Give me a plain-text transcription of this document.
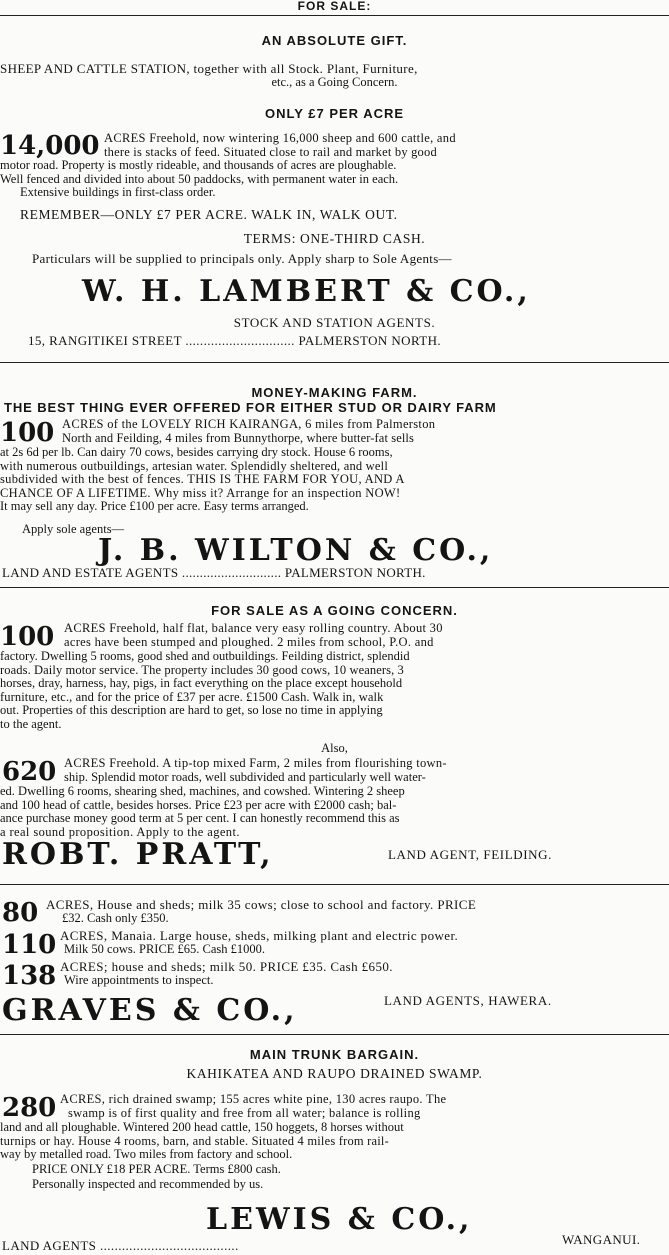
FOR SALE:
AN ABSOLUTE GIFT.
SHEEP AND CATTLE STATION, together with all Stock. Plant, Furniture,
etc., as a Going Concern.
ONLY £7 PER ACRE
14,000 ACRES Freehold, now wintering 16,000 sheep and 600 cattle, and
there is stacks of feed. Situated close to rail and market by good
motor road. Property is mostly rideable, and thousands of acres are ploughable.
Well fenced and divided into about 50 paddocks, with permanent water in each.
Extensive buildings in first-class order.
REMEMBER—ONLY £7 PER ACRE. WALK IN, WALK OUT.
TERMS: ONE-THIRD CASH.
Particulars will be supplied to principals only. Apply sharp to Sole Agents—
W. H. LAMBERT & CO.,
STOCK AND STATION AGENTS.
15, RANGITIKEI STREET .............................. PALMERSTON NORTH.
MONEY-MAKING FARM.
THE BEST THING EVER OFFERED FOR EITHER STUD OR DAIRY FARM
100 ACRES of the LOVELY RICH KAIRANGA, 6 miles from Palmerston
North and Feilding, 4 miles from Bunnythorpe, where butter-fat sells
at 2s 6d per lb. Can dairy 70 cows, besides carrying dry stock. House 6 rooms,
with numerous outbuildings, artesian water. Splendidly sheltered, and well
subdivided with the best of fences. THIS IS THE FARM FOR YOU, AND A
CHANCE OF A LIFETIME. Why miss it? Arrange for an inspection NOW!
It may sell any day. Price £100 per acre. Easy terms arranged.
Apply sole agents—
J. B. WILTON & CO.,
LAND AND ESTATE AGENTS ............................ PALMERSTON NORTH.
FOR SALE AS A GOING CONCERN.
100 ACRES Freehold, half flat, balance very easy rolling country. About 30
acres have been stumped and ploughed. 2 miles from school, P.O. and
factory. Dwelling 5 rooms, good shed and outbuildings. Feilding district, splendid
roads. Daily motor service. The property includes 30 good cows, 10 weaners, 3
horses, dray, harness, hay, pigs, in fact everything on the place except household
furniture, etc., and for the price of £37 per acre. £1500 Cash. Walk in, walk
out. Properties of this description are hard to get, so lose no time in applying
to the agent.
Also,
620 ACRES Freehold. A tip-top mixed Farm, 2 miles from flourishing town-
ship. Splendid motor roads, well subdivided and particularly well water-
ed. Dwelling 6 rooms, shearing shed, machines, and cowshed. Wintering 2 sheep
and 100 head of cattle, besides horses. Price £23 per acre with £2000 cash; bal-
ance purchase money good term at 5 per cent. I can honestly recommend this as
a real sound proposition. Apply to the agent.
ROBT. PRATT,	LAND AGENT, FEILDING.
80 ACRES, House and sheds; milk 35 cows; close to school and factory. PRICE
£32. Cash only £350.
110 ACRES, Manaia. Large house, sheds, milking plant and electric power.
Milk 50 cows. PRICE £65. Cash £1000.
138 ACRES; house and sheds; milk 50. PRICE £35. Cash £650.
Wire appointments to inspect.
GRAVES & CO.,	LAND AGENTS, HAWERA.
MAIN TRUNK BARGAIN.
KAHIKATEA AND RAUPO DRAINED SWAMP.
280 ACRES, rich drained swamp; 155 acres white pine, 130 acres raupo. The
swamp is of first quality and free from all water; balance is rolling
land and all ploughable. Wintered 200 head cattle, 150 hoggets, 8 horses without
turnips or hay. House 4 rooms, barn, and stable. Situated 4 miles from rail-
way by metalled road. Two miles from factory and school.
PRICE ONLY £18 PER ACRE. Terms £800 cash.
Personally inspected and recommended by us.
LEWIS & CO.,
LAND AGENTS ......................................	WANGANUI.
